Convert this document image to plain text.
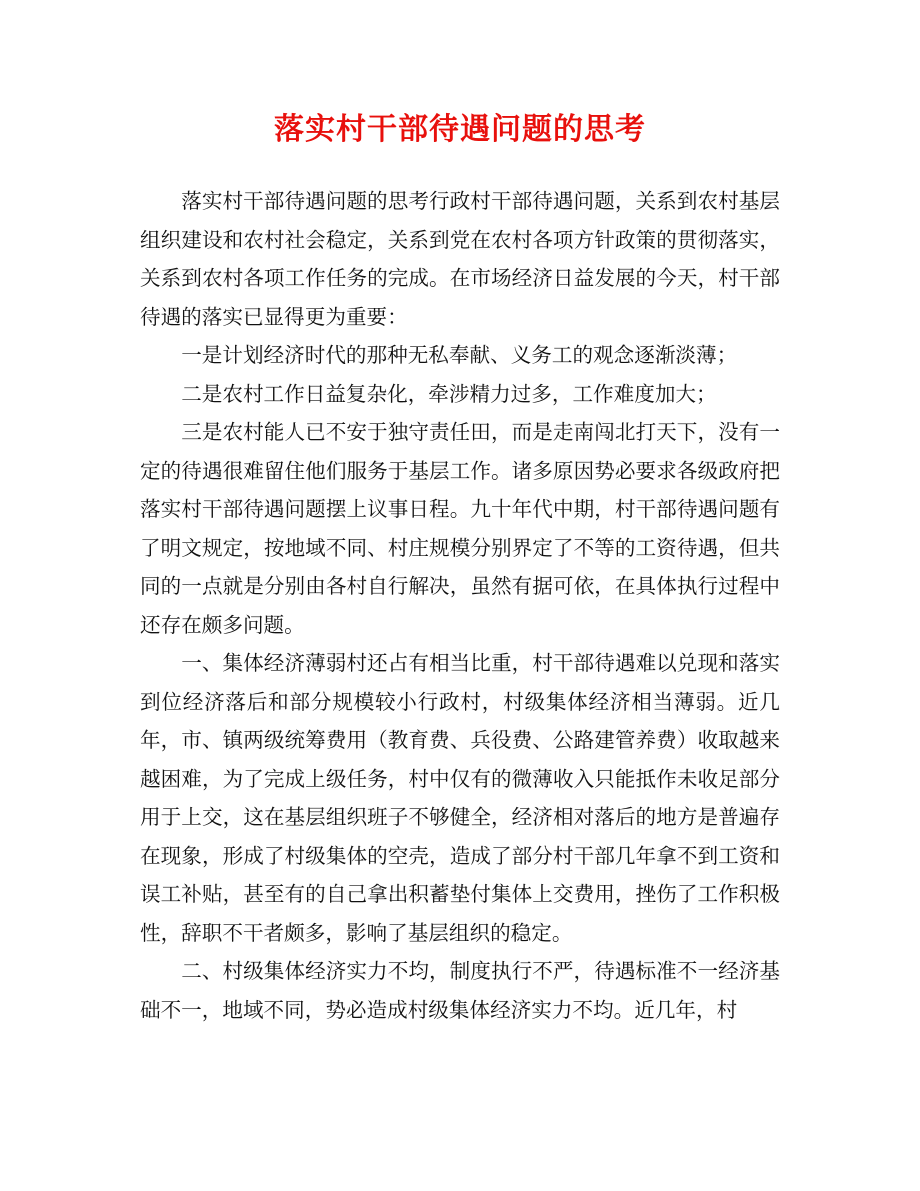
落实村干部待遇问题的思考

落实村干部待遇问题的思考行政村干部待遇问题，关系到农村基层组织建设和农村社会稳定，关系到党在农村各项方针政策的贯彻落实，关系到农村各项工作任务的完成。在市场经济日益发展的今天，村干部待遇的落实已显得更为重要：

一是计划经济时代的那种无私奉献、义务工的观念逐渐淡薄；

二是农村工作日益复杂化，牵涉精力过多，工作难度加大；

三是农村能人已不安于独守责任田，而是走南闯北打天下，没有一定的待遇很难留住他们服务于基层工作。诸多原因势必要求各级政府把落实村干部待遇问题摆上议事日程。九十年代中期，村干部待遇问题有了明文规定，按地域不同、村庄规模分别界定了不等的工资待遇，但共同的一点就是分别由各村自行解决，虽然有据可依，在具体执行过程中还存在颇多问题。

一、集体经济薄弱村还占有相当比重，村干部待遇难以兑现和落实到位经济落后和部分规模较小行政村，村级集体经济相当薄弱。近几年，市、镇两级统筹费用（教育费、兵役费、公路建管养费）收取越来越困难，为了完成上级任务，村中仅有的微薄收入只能抵作未收足部分用于上交，这在基层组织班子不够健全，经济相对落后的地方是普遍存在现象，形成了村级集体的空壳，造成了部分村干部几年拿不到工资和误工补贴，甚至有的自己拿出积蓄垫付集体上交费用，挫伤了工作积极性，辞职不干者颇多，影响了基层组织的稳定。

二、村级集体经济实力不均，制度执行不严，待遇标准不一经济基础不一，地域不同，势必造成村级集体经济实力不均。近几年，村
